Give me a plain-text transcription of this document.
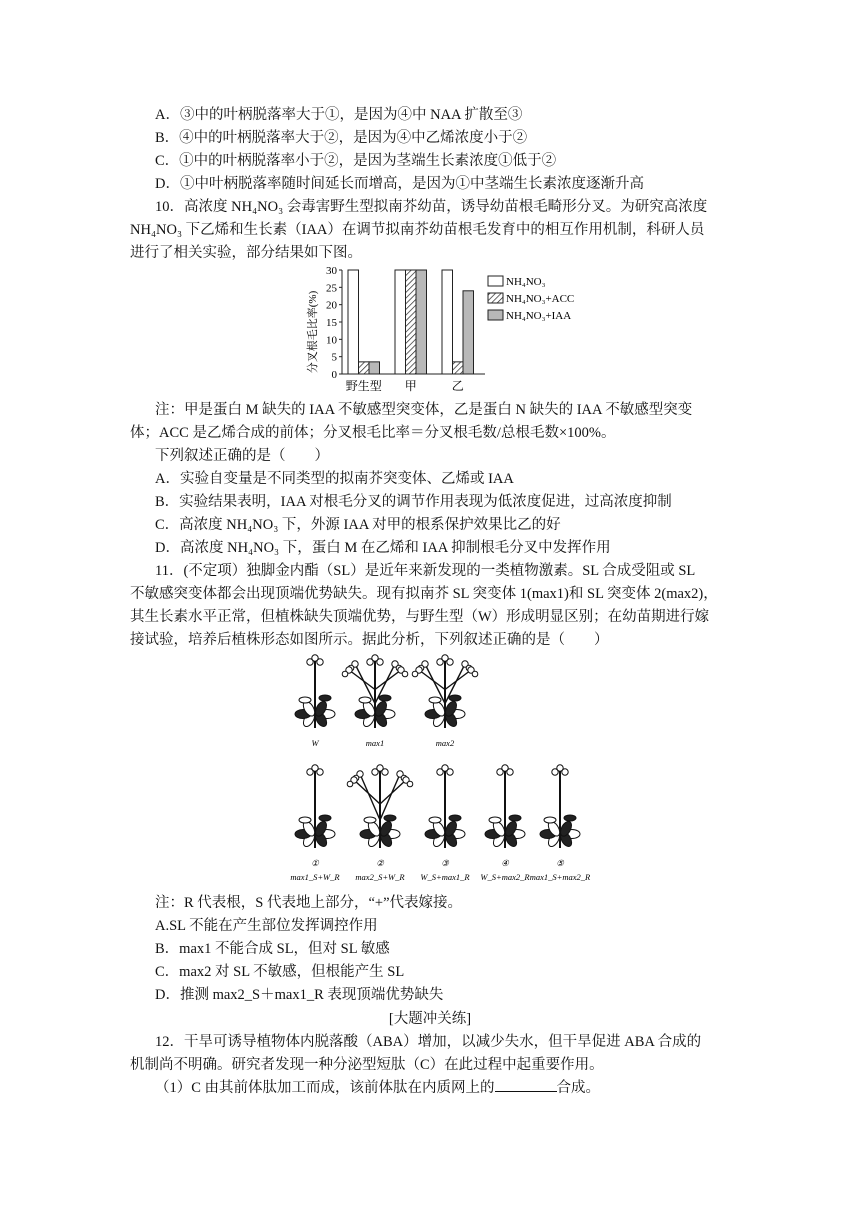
A．③中的叶柄脱落率大于①，是因为④中 NAA 扩散至③
B．④中的叶柄脱落率大于②，是因为④中乙烯浓度小于②
C．①中的叶柄脱落率小于②，是因为茎端生长素浓度①低于②
D．①中叶柄脱落率随时间延长而增高，是因为①中茎端生长素浓度逐渐升高
10．高浓度 NH₄NO₃ 会毒害野生型拟南芥幼苗，诱导幼苗根毛畸形分叉。为研究高浓度
NH₄NO₃ 下乙烯和生长素（IAA）在调节拟南芥幼苗根毛发育中的相互作用机制，科研人员
进行了相关实验，部分结果如下图。
分叉根毛比率(%)
0
5
10
15
20
25
30
野生型 甲	乙
NH₄NO₃
NH₄NO₃+ACC
NH₄NO₃+IAA
注：甲是蛋白 M 缺失的 IAA 不敏感型突变体，乙是蛋白 N 缺失的 IAA 不敏感型突变
体；ACC 是乙烯合成的前体；分叉根毛比率＝分叉根毛数/总根毛数×100%。
下列叙述正确的是（　　）
A．实验自变量是不同类型的拟南芥突变体、乙烯或 IAA
B．实验结果表明，IAA 对根毛分叉的调节作用表现为低浓度促进，过高浓度抑制
C．高浓度 NH₄NO₃ 下，外源 IAA 对甲的根系保护效果比乙的好
D．高浓度 NH₄NO₃ 下，蛋白 M 在乙烯和 IAA 抑制根毛分叉中发挥作用
11．(不定项）独脚金内酯（SL）是近年来新发现的一类植物激素。SL 合成受阻或 SL
不敏感突变体都会出现顶端优势缺失。现有拟南芥 SL 突变体 1(max1)和 SL 突变体 2(max2)，
其生长素水平正常，但植株缺失顶端优势，与野生型（W）形成明显区别；在幼苗期进行嫁
接试验，培养后植株形态如图所示。据此分析，下列叙述正确的是（　　）
W	max1	max2
①
max1_S+W_R
②
max2_S+W_R
③
W_S+max1_R
④
W_S+max2_R
⑤
max1_S+max2_R
注：R 代表根，S 代表地上部分，“+”代表嫁接。
A.SL 不能在产生部位发挥调控作用
B．max1 不能合成 SL，但对 SL 敏感
C．max2 对 SL 不敏感，但根能产生 SL
D．推测 max2_S＋max1_R 表现顶端优势缺失
[大题冲关练]
12．干旱可诱导植物体内脱落酸（ABA）增加，以减少失水，但干旱促进 ABA 合成的
机制尚不明确。研究者发现一种分泌型短肽（C）在此过程中起重要作用。
（1）C 由其前体肽加工而成，该前体肽在内质网上的	合成。
